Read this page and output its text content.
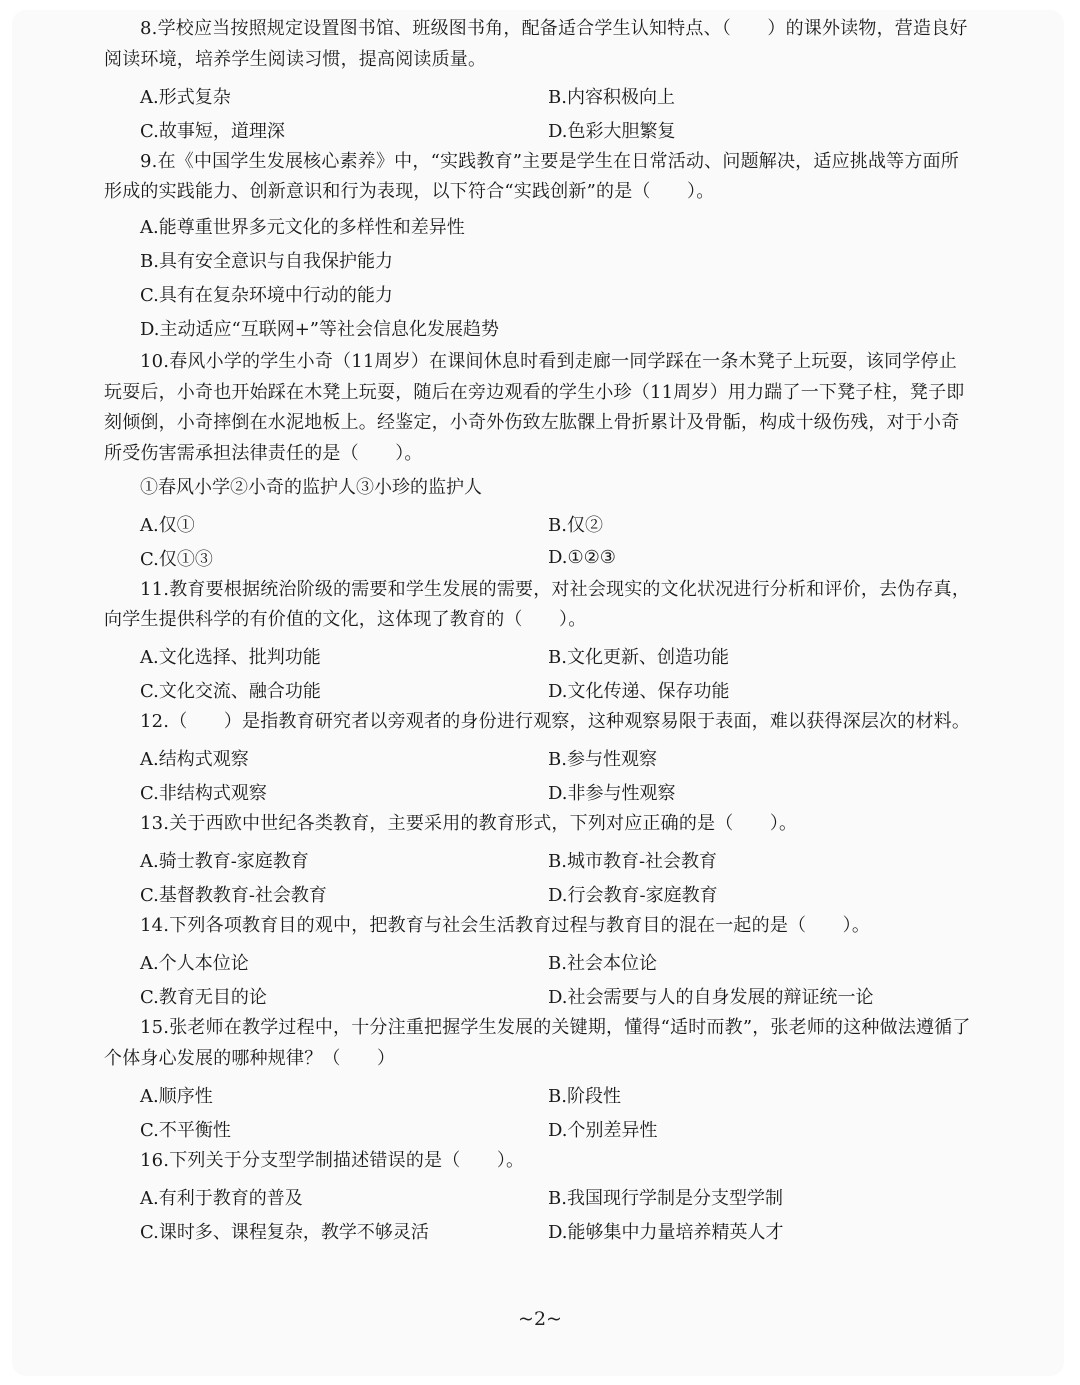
8.学校应当按照规定设置图书馆、班级图书角，配备适合学生认知特点、（　　）的课外读物，营造良好阅读环境，培养学生阅读习惯，提高阅读质量。

A.形式复杂	B.内容积极向上
C.故事短，道理深	D.色彩大胆繁复

9.在《中国学生发展核心素养》中，“实践教育”主要是学生在日常活动、问题解决，适应挑战等方面所形成的实践能力、创新意识和行为表现，以下符合“实践创新”的是（　　）。

A.能尊重世界多元文化的多样性和差异性
B.具有安全意识与自我保护能力
C.具有在复杂环境中行动的能力
D.主动适应“互联网+”等社会信息化发展趋势

10.春风小学的学生小奇（11周岁）在课间休息时看到走廊一同学踩在一条木凳子上玩耍，该同学停止玩耍后，小奇也开始踩在木凳上玩耍，随后在旁边观看的学生小珍（11周岁）用力踹了一下凳子柱，凳子即刻倾倒，小奇摔倒在水泥地板上。经鉴定，小奇外伤致左肱髁上骨折累计及骨骺，构成十级伤残，对于小奇所受伤害需承担法律责任的是（　　）。

①春风小学②小奇的监护人③小珍的监护人

A.仅①	B.仅②
C.仅①③	D.①②③

11.教育要根据统治阶级的需要和学生发展的需要，对社会现实的文化状况进行分析和评价，去伪存真，向学生提供科学的有价值的文化，这体现了教育的（　　）。

A.文化选择、批判功能	B.文化更新、创造功能
C.文化交流、融合功能	D.文化传递、保存功能

12.（　　）是指教育研究者以旁观者的身份进行观察，这种观察易限于表面，难以获得深层次的材料。

A.结构式观察	B.参与性观察
C.非结构式观察	D.非参与性观察

13.关于西欧中世纪各类教育，主要采用的教育形式，下列对应正确的是（　　）。

A.骑士教育-家庭教育	B.城市教育-社会教育
C.基督教教育-社会教育	D.行会教育-家庭教育

14.下列各项教育目的观中，把教育与社会生活教育过程与教育目的混在一起的是（　　）。

A.个人本位论	B.社会本位论
C.教育无目的论	D.社会需要与人的自身发展的辩证统一论

15.张老师在教学过程中，十分注重把握学生发展的关键期，懂得“适时而教”，张老师的这种做法遵循了个体身心发展的哪种规律？（　　）

A.顺序性	B.阶段性
C.不平衡性	D.个别差异性

16.下列关于分支型学制描述错误的是（　　）。

A.有利于教育的普及	B.我国现行学制是分支型学制
C.课时多、课程复杂，教学不够灵活	D.能够集中力量培养精英人才
~2~
